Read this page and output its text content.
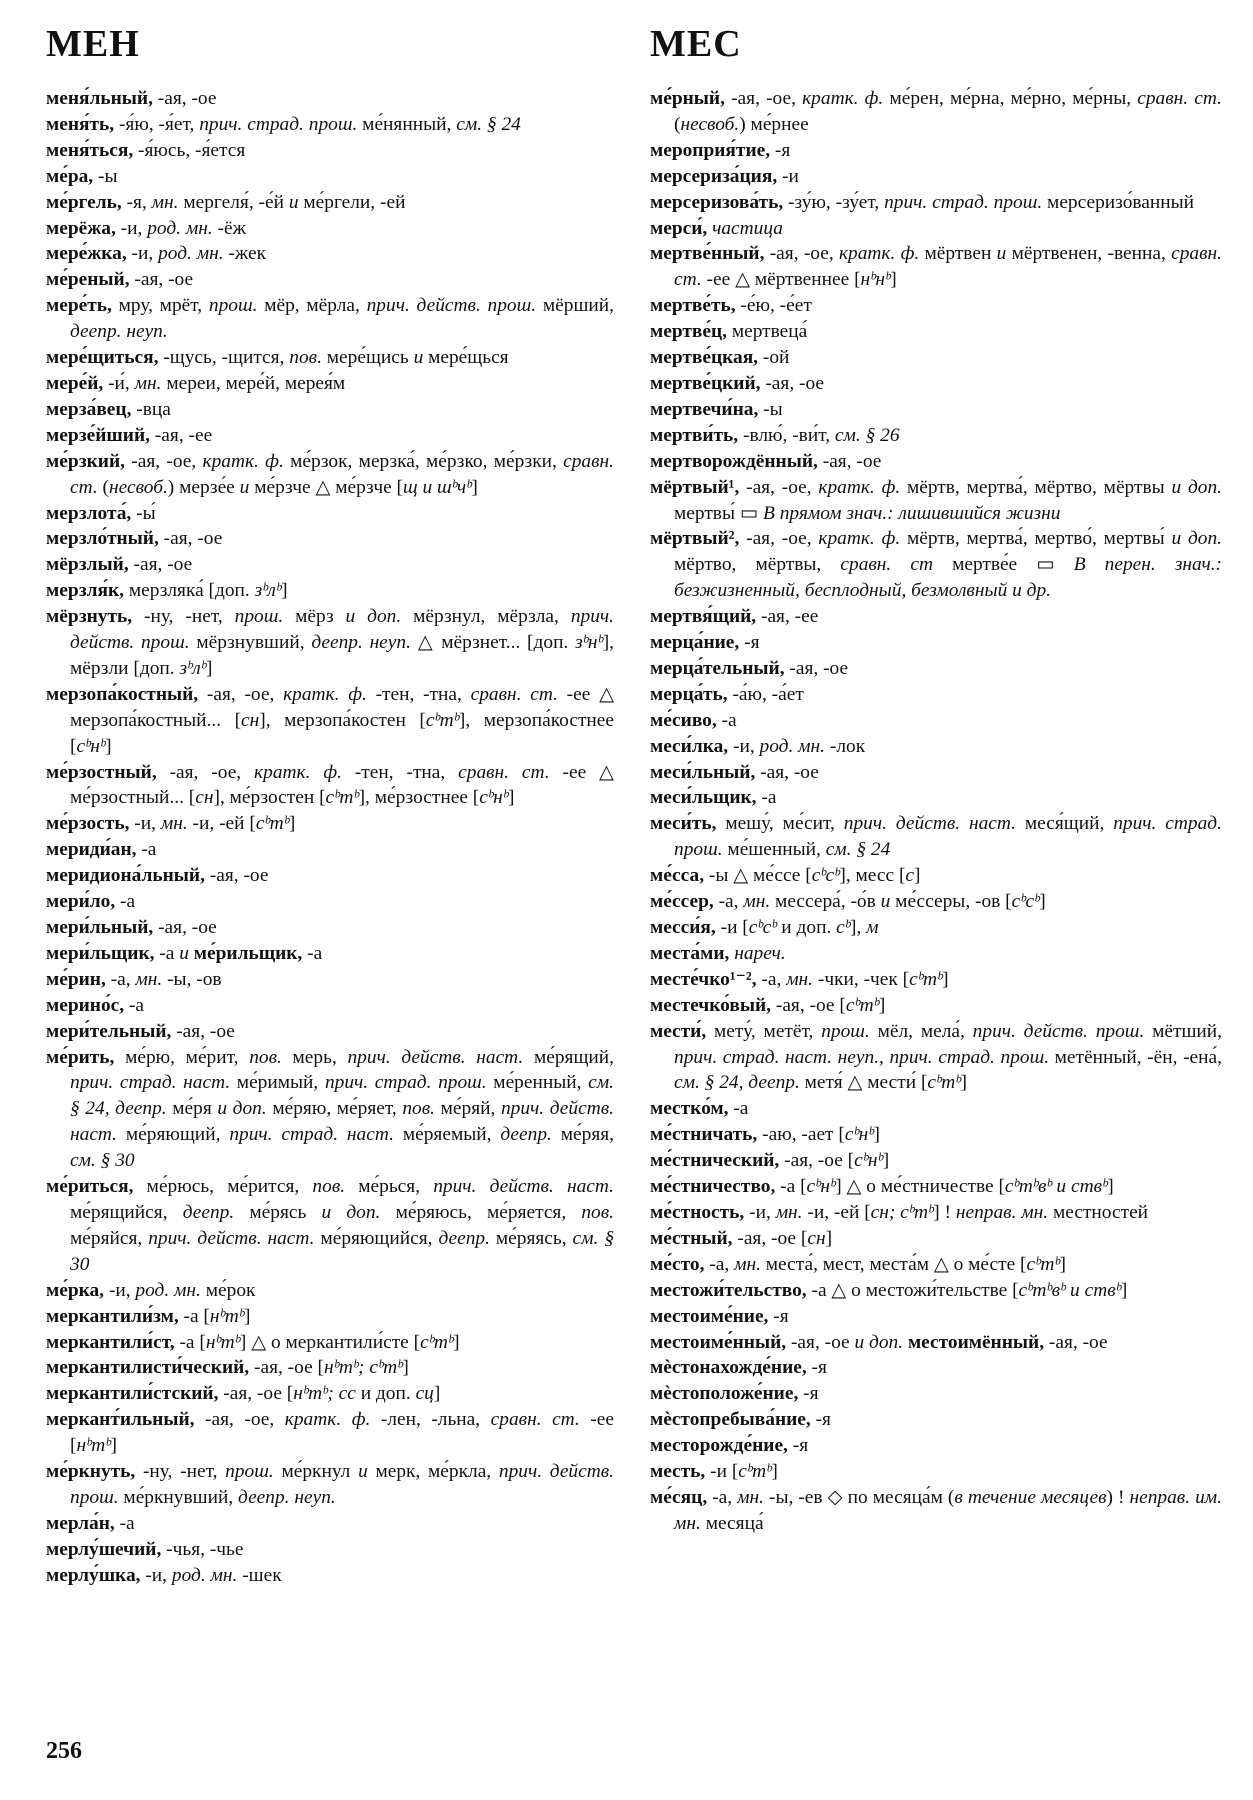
МЕН	МЕС
меня́льный, -ая, -ое
меня́ть, -я́ю, -я́ет, прич. страд. прош. ме́нянный, см. § 24
меня́ться, -я́юсь, -я́ется
ме́ра, -ы
ме́ргель, -я, мн. мергеля́, -е́й и ме́ргели, -ей
мерёжа, -и, род. мн. -ёж
мере́жка, -и, род. мн. -жек
ме́реный, -ая, -ое
мере́ть, мру, мрёт, прош. мёр, мёрла, прич. действ. прош. мёрший, деепр. неуп.
мере́щиться, -щусь, -щится, пов. мере́щись и мере́щься
мере́й, -и́, мн. мереи, мере́й, мерея́м
мерза́вец, -вца
мерзе́йший, -ая, -ее
ме́рзкий, -ая, -ое, кратк. ф. ме́рзок, мерзка́, ме́рзко, ме́рзки, сравн. ст. (несвоб.) мерзе́е и ме́рзче △ ме́рзче [щ и шᵇчᵇ]
мерзлота́, -ы́
мерзло́тный, -ая, -ое
мёрзлый, -ая, -ое
мерзля́к, мерзляка́ [доп. зᵇлᵇ]
мёрзнуть, -ну, -нет, прош. мёрз и доп. мёрзнул, мёрзла, прич. действ. прош. мёрзнувший, деепр. неуп. △ мёрзнет... [доп. зᵇнᵇ], мёрзли [доп. зᵇлᵇ]
мерзопа́костный, -ая, -ое, кратк. ф. -тен, -тна, сравн. ст. -ее △ мерзопа́костный... [сн], мерзопа́костен [сᵇтᵇ], мерзопа́костнее [сᵇнᵇ]
ме́рзостный, -ая, -ое, кратк. ф. -тен, -тна, сравн. ст. -ее △ ме́рзостный... [сн], ме́рзостен [сᵇтᵇ], ме́рзостнее [сᵇнᵇ]
ме́рзость, -и, мн. -и, -ей [сᵇтᵇ]
мериди́ан, -а
меридиона́льный, -ая, -ое
мери́ло, -а
мери́льный, -ая, -ое
мери́льщик, -а и ме́рильщик, -а
ме́рин, -а, мн. -ы, -ов
мерино́с, -а
мери́тельный, -ая, -ое
ме́рить, ме́рю, ме́рит, пов. мерь, прич. действ. наст. ме́рящий, прич. страд. наст. ме́римый, прич. страд. прош. ме́ренный, см. § 24, деепр. ме́ря и доп. ме́ряю, ме́ряет, пов. ме́ряй, прич. действ. наст. ме́ряющий, прич. страд. наст. ме́ряемый, деепр. ме́ряя, см. § 30
ме́риться, ме́рюсь, ме́рится, пов. ме́рься, прич. действ. наст. ме́рящийся, деепр. ме́рясь и доп. ме́ряюсь, ме́ряется, пов. ме́ряйся, прич. действ. наст. ме́ряющийся, деепр. ме́ряясь, см. § 30
ме́рка, -и, род. мн. ме́рок
меркантили́зм, -а [нᵇтᵇ]
меркантили́ст, -а [нᵇтᵇ] △ о меркантили́сте [сᵇтᵇ]
меркантилисти́ческий, -ая, -ое [нᵇтᵇ; сᵇтᵇ]
меркантили́стский, -ая, -ое [нᵇтᵇ; сс и доп. сц]
меркант́ильный, -ая, -ое, кратк. ф. -лен, -льна, сравн. ст. -ее [нᵇтᵇ]
ме́ркнуть, -ну, -нет, прош. ме́ркнул и мерк, ме́ркла, прич. действ. прош. ме́ркнувший, деепр. неуп.
мерла́н, -а
мерлу́шечий, -чья, -чье
мерлу́шка, -и, род. мн. -шек
ме́рный, -ая, -ое, кратк. ф. ме́рен, ме́рна, ме́рно, ме́рны, сравн. ст. (несвоб.) ме́рнее
мероприя́тие, -я
мерсериза́ция, -и
мерсеризова́ть, -зу́ю, -зу́ет, прич. страд. прош. мерсеризо́ванный
мерси́, частица
мертве́нный, -ая, -ое, кратк. ф. мёртвен и мёртвенен, -венна, сравн. ст. -ее △ мёртвеннее [нᵇнᵇ]
мертве́ть, -е́ю, -е́ет
мертве́ц, мертвеца́
мертве́цкая, -ой
мертве́цкий, -ая, -ое
мертвечи́на, -ы
мертви́ть, -влю́, -ви́т, см. § 26
мертворождённый, -ая, -ое
мёртвый¹, -ая, -ое, кратк. ф. мёртв, мертва́, мёртво, мёртвы и доп. мертвы́ ▭ В прямом знач.: лишившийся жизни
мёртвый², -ая, -ое, кратк. ф. мёртв, мертва́, мертво́, мертвы́ и доп. мёртво, мёртвы, сравн. ст мертве́е ▭ В перен. знач.: безжизненный, бесплодный, безмолвный и др.
мертвя́щий, -ая, -ее
мерца́ние, -я
мерца́тельный, -ая, -ое
мерца́ть, -а́ю, -а́ет
ме́сиво, -а
меси́лка, -и, род. мн. -лок
меси́льный, -ая, -ое
меси́льщик, -а
меси́ть, мешу́, ме́сит, прич. действ. наст. меся́щий, прич. страд. прош. ме́шенный, см. § 24
ме́сса, -ы △ ме́ссе [сᵇсᵇ], месс [с]
ме́ссер, -а, мн. мессера́, -о́в и ме́ссеры, -ов [сᵇсᵇ]
месси́я, -и [сᵇсᵇ и доп. сᵇ], м
места́ми, нареч.
месте́чко¹⁻², -а, мн. -чки, -чек [сᵇтᵇ]
местечко́вый, -ая, -ое [сᵇтᵇ]
мести́, мету́, метёт, прош. мёл, мела́, прич. действ. прош. мётший, прич. страд. наст. неуп., прич. страд. прош. метённый, -ён, -ена́, см. § 24, деепр. метя́ △ мести́ [сᵇтᵇ]
местко́м, -а
ме́стничать, -аю, -ает [сᵇнᵇ]
ме́стнический, -ая, -ое [сᵇнᵇ]
ме́стничество, -а [сᵇнᵇ] △ о ме́стничестве [сᵇтᵇвᵇ и ствᵇ]
ме́стность, -и, мн. -и, -ей [сн; сᵇтᵇ] ! неправ. мн. местностей
ме́стный, -ая, -ое [сн]
ме́сто, -а, мн. места́, мест, места́м △ о ме́сте [сᵇтᵇ]
местожи́тельство, -а △ о местожи́тельстве [сᵇтᵇвᵇ и ствᵇ]
местоиме́ние, -я
местоиме́нный, -ая, -ое и доп. местоимённый, -ая, -ое
мѐстонахожде́ние, -я
мѐстоположе́ние, -я
мѐстопребыва́ние, -я
месторожде́ние, -я
месть, -и [сᵇтᵇ]
ме́сяц, -а, мн. -ы, -ев ◇ по месяца́м (в течение месяцев) ! неправ. им. мн. месяца́
256
